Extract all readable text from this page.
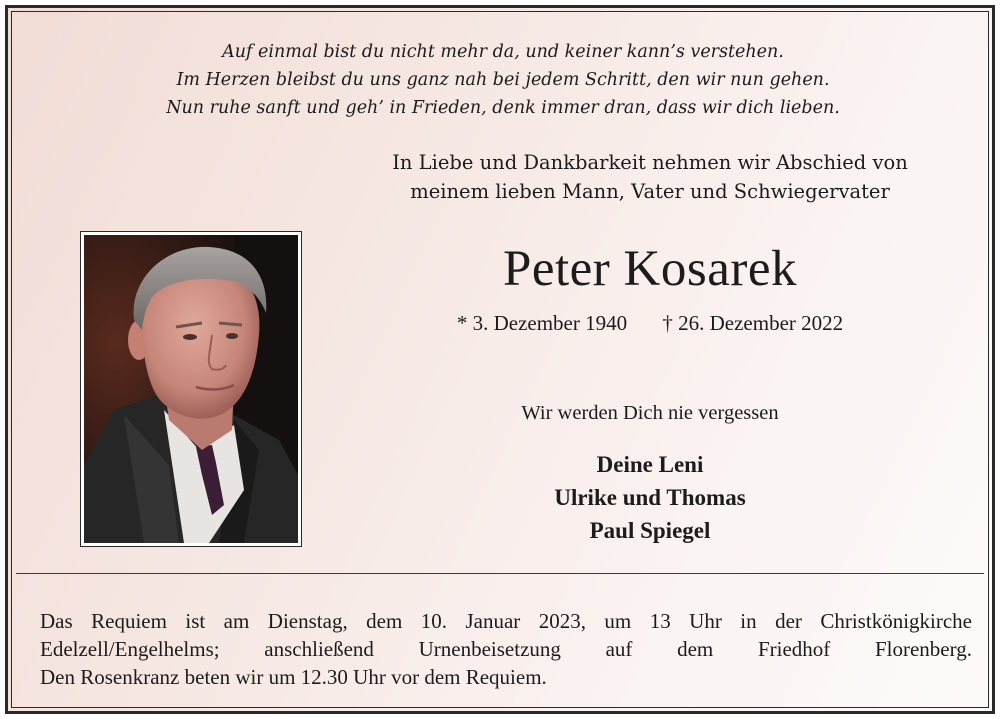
Auf einmal bist du nicht mehr da, und keiner kann’s verstehen.
Im Herzen bleibst du uns ganz nah bei jedem Schritt, den wir nun gehen.
Nun ruhe sanft und geh’ in Frieden, denk immer dran, dass wir dich lieben.
In Liebe und Dankbarkeit nehmen wir Abschied von
meinem lieben Mann, Vater und Schwiegervater
Peter Kosarek
* 3. Dezember 1940 † 26. Dezember 2022
Wir werden Dich nie vergessen
Deine Leni
Ulrike und Thomas
Paul Spiegel
Das Requiem ist am Dienstag, dem 10. Januar 2023, um 13 Uhr in der Christkönigkirche
Edelzell/Engelhelms; anschließend Urnenbeisetzung auf dem Friedhof Florenberg.
Den Rosenkranz beten wir um 12.30 Uhr vor dem Requiem.
